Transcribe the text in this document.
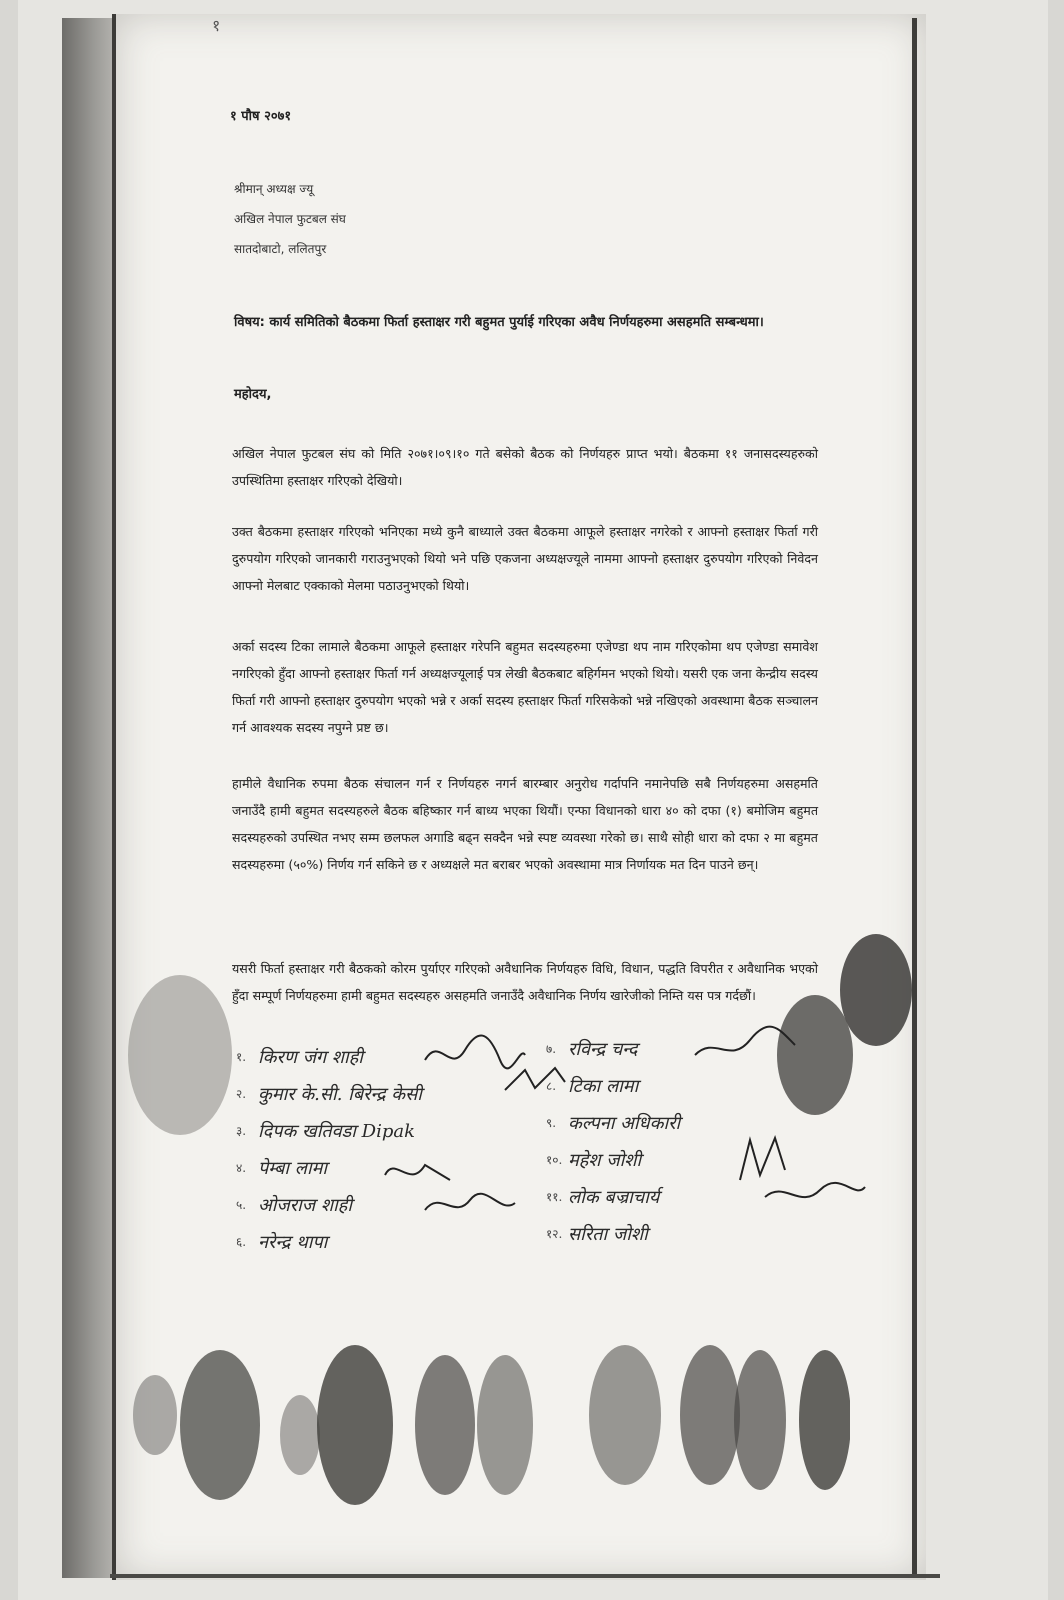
१
१ पौष २०७१
श्रीमान् अध्यक्ष ज्यू
अखिल नेपाल फुटबल संघ
सातदोबाटो, ललितपुर
विषय: कार्य समितिको बैठकमा फिर्ता हस्ताक्षर गरी बहुमत पुर्याई गरिएका अवैध निर्णयहरुमा असहमति सम्बन्धमा।
महोदय,
अखिल नेपाल फुटबल संघ को मिति २०७१।०९।१० गते बसेको बैठक को निर्णयहरु प्राप्त भयो। बैठकमा ११ जनासदस्यहरुको उपस्थितिमा हस्ताक्षर गरिएको देखियो।
उक्त बैठकमा हस्ताक्षर गरिएको भनिएका मध्ये कुनै बाध्याले उक्त बैठकमा आफूले हस्ताक्षर नगरेको र आफ्नो हस्ताक्षर फिर्ता गरी दुरुपयोग गरिएको जानकारी गराउनुभएको थियो भने पछि एकजना अध्यक्षज्यूले नाममा आफ्नो हस्ताक्षर दुरुपयोग गरिएको निवेदन आफ्नो मेलबाट एक्काको मेलमा पठाउनुभएको थियो।
अर्का सदस्य टिका लामाले बैठकमा आफूले हस्ताक्षर गरेपनि बहुमत सदस्यहरुमा एजेण्डा थप नाम गरिएकोमा थप एजेण्डा समावेश नगरिएको हुँदा आफ्नो हस्ताक्षर फिर्ता गर्न अध्यक्षज्यूलाई पत्र लेखी बैठकबाट बहिर्गमन भएको थियो। यसरी एक जना केन्द्रीय सदस्य फिर्ता गरी आफ्नो हस्ताक्षर दुरुपयोग भएको भन्ने र अर्का सदस्य हस्ताक्षर फिर्ता गरिसकेको भन्ने नखिएको अवस्थामा बैठक सञ्चालन गर्न आवश्यक सदस्य नपुग्ने प्रष्ट छ।
हामीले वैधानिक रुपमा बैठक संचालन गर्न र निर्णयहरु नगर्न बारम्बार अनुरोध गर्दापनि नमानेपछि सबै निर्णयहरुमा असहमति जनाउँदै हामी बहुमत सदस्यहरुले बैठक बहिष्कार गर्न बाध्य भएका थियौं। एन्फा विधानको धारा ४० को दफा (१) बमोजिम बहुमत सदस्यहरुको उपस्थित नभए सम्म छलफल अगाडि बढ्न सक्दैन भन्ने स्पष्ट व्यवस्था गरेको छ। साथै सोही धारा को दफा २ मा बहुमत सदस्यहरुमा (५०%) निर्णय गर्न सकिने छ र अध्यक्षले मत बराबर भएको अवस्थामा मात्र निर्णायक मत दिन पाउने छन्।
यसरी फिर्ता हस्ताक्षर गरी बैठकको कोरम पुर्याएर गरिएको अवैधानिक निर्णयहरु विधि, विधान, पद्धति विपरीत र अवैधानिक भएको हुँदा सम्पूर्ण निर्णयहरुमा हामी बहुमत सदस्यहरु असहमति जनाउँदै अवैधानिक निर्णय खारेजीको निम्ति यस पत्र गर्दछौं।
१. किरण जंग शाही
२. कुमार के.सी. बिरेन्द्र केसी
३. दिपक खतिवडा Dipak
४. पेम्बा लामा
५. ओजराज शाही
६. नरेन्द्र थापा
७. रविन्द्र चन्द
८. टिका लामा
९. कल्पना अधिकारी
१०. महेश जोशी
११. लोक बज्राचार्य
१२. सरिता जोशी
